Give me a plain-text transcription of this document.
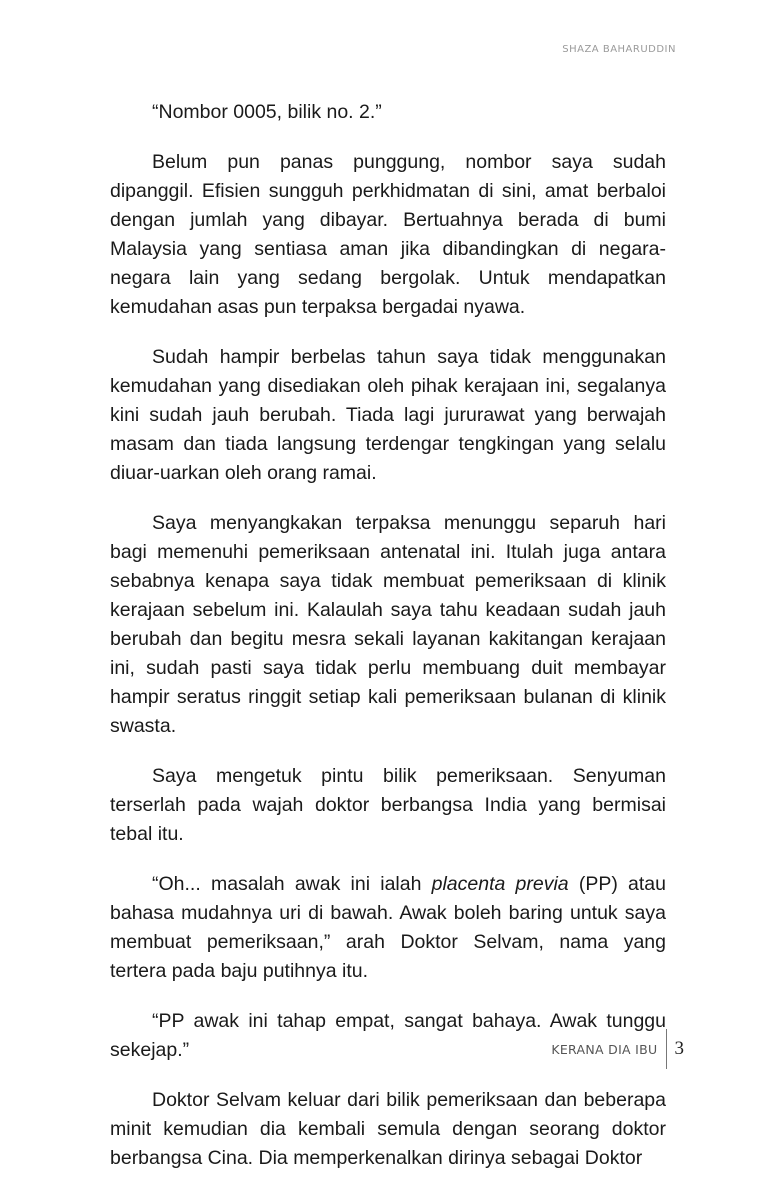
SHAZA BAHARUDDIN

“Nombor 0005, bilik no. 2.”

Belum pun panas punggung, nombor saya sudah dipanggil. Efisien sungguh perkhidmatan di sini, amat berbaloi dengan jumlah yang dibayar. Bertuahnya berada di bumi Malaysia yang sentiasa aman jika dibandingkan di negara-negara lain yang sedang bergolak. Untuk mendapatkan kemudahan asas pun terpaksa bergadai nyawa.

Sudah hampir berbelas tahun saya tidak menggunakan kemudahan yang disediakan oleh pihak kerajaan ini, segalanya kini sudah jauh berubah. Tiada lagi jururawat yang berwajah masam dan tiada langsung terdengar tengkingan yang selalu diuar-uarkan oleh orang ramai.

Saya menyangkakan terpaksa menunggu separuh hari bagi memenuhi pemeriksaan antenatal ini. Itulah juga antara sebabnya kenapa saya tidak membuat pemeriksaan di klinik kerajaan sebelum ini. Kalaulah saya tahu keadaan sudah jauh berubah dan begitu mesra sekali layanan kakitangan kerajaan ini, sudah pasti saya tidak perlu membuang duit membayar hampir seratus ringgit setiap kali pemeriksaan bulanan di klinik swasta.

Saya mengetuk pintu bilik pemeriksaan. Senyuman terserlah pada wajah doktor berbangsa India yang bermisai tebal itu.

“Oh... masalah awak ini ialah placenta previa (PP) atau bahasa mudahnya uri di bawah. Awak boleh baring untuk saya membuat pemeriksaan,” arah Doktor Selvam, nama yang tertera pada baju putihnya itu.

“PP awak ini tahap empat, sangat bahaya. Awak tunggu sekejap.”

Doktor Selvam keluar dari bilik pemeriksaan dan beberapa minit kemudian dia kembali semula dengan seorang doktor berbangsa Cina. Dia memperkenalkan dirinya sebagai Doktor

KERANA DIA IBU 3
